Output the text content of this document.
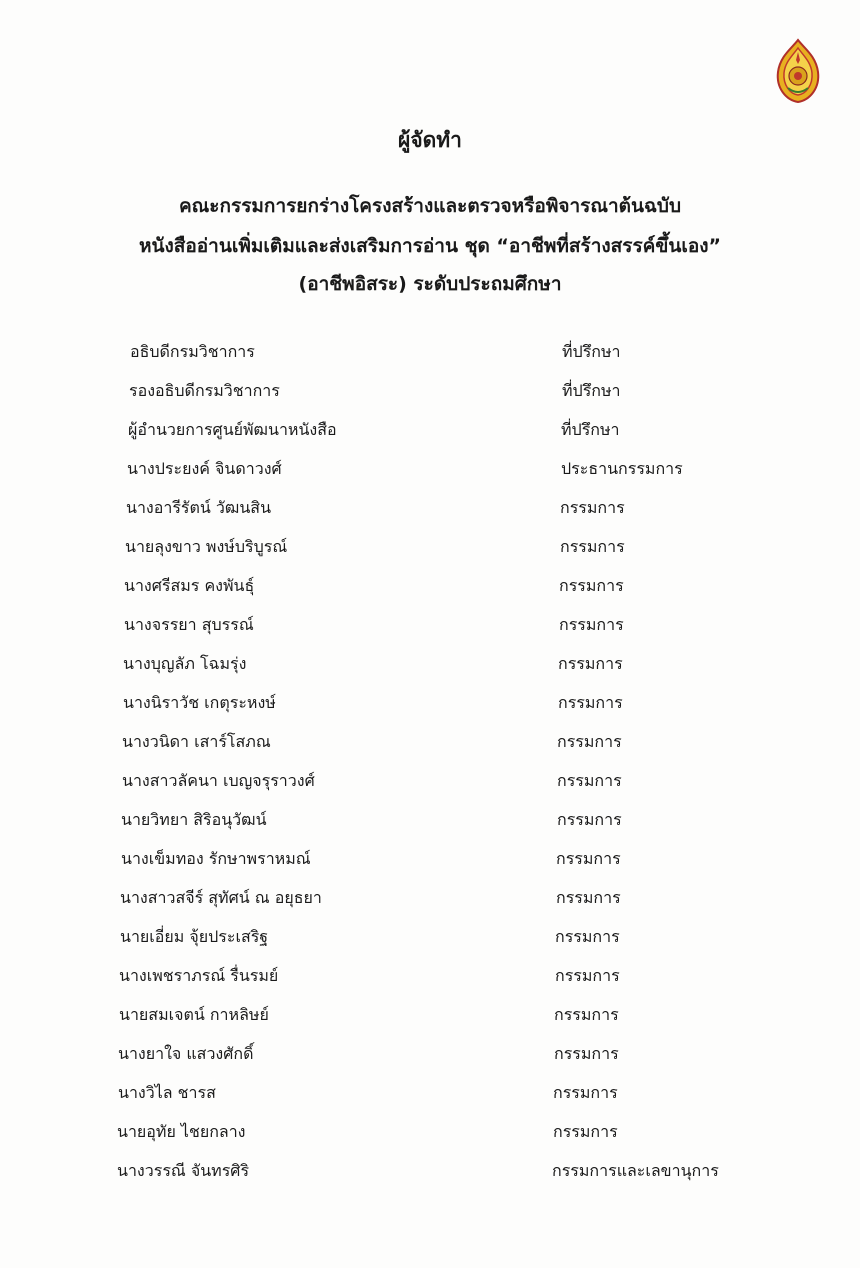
ผู้จัดทำ
คณะกรรมการยกร่างโครงสร้างและตรวจหรือพิจารณาต้นฉบับ
หนังสืออ่านเพิ่มเติมและส่งเสริมการอ่าน ชุด “อาชีพที่สร้างสรรค์ขึ้นเอง”
(อาชีพอิสระ) ระดับประถมศึกษา
อธิบดีกรมวิชาการ	ที่ปรึกษา
รองอธิบดีกรมวิชาการ	ที่ปรึกษา
ผู้อำนวยการศูนย์พัฒนาหนังสือ	ที่ปรึกษา
นางประยงค์ จินดาวงศ์	ประธานกรรมการ
นางอารีรัตน์ วัฒนสิน	กรรมการ
นายลุงขาว พงษ์บริบูรณ์	กรรมการ
นางศรีสมร คงพันธุ์	กรรมการ
นางจรรยา สุบรรณ์	กรรมการ
นางบุญลัภ โฉมรุ่ง	กรรมการ
นางนิราวัช เกตุระหงษ์	กรรมการ
นางวนิดา เสาร์โสภณ	กรรมการ
นางสาวลัคนา เบญจรุราวงศ์	กรรมการ
นายวิทยา สิริอนุวัฒน์	กรรมการ
นางเข็มทอง รักษาพราหมณ์	กรรมการ
นางสาวสจีร์ สุทัศน์ ณ อยุธยา	กรรมการ
นายเอี่ยม จุ้ยประเสริฐ	กรรมการ
นางเพชราภรณ์ รื่นรมย์	กรรมการ
นายสมเจตน์ กาหลิษย์	กรรมการ
นางยาใจ แสวงศักดิ์	กรรมการ
นางวิไล ชารส	กรรมการ
นายอุทัย ไชยกลาง	กรรมการ
นางวรรณี จันทรศิริ	กรรมการและเลขานุการ
